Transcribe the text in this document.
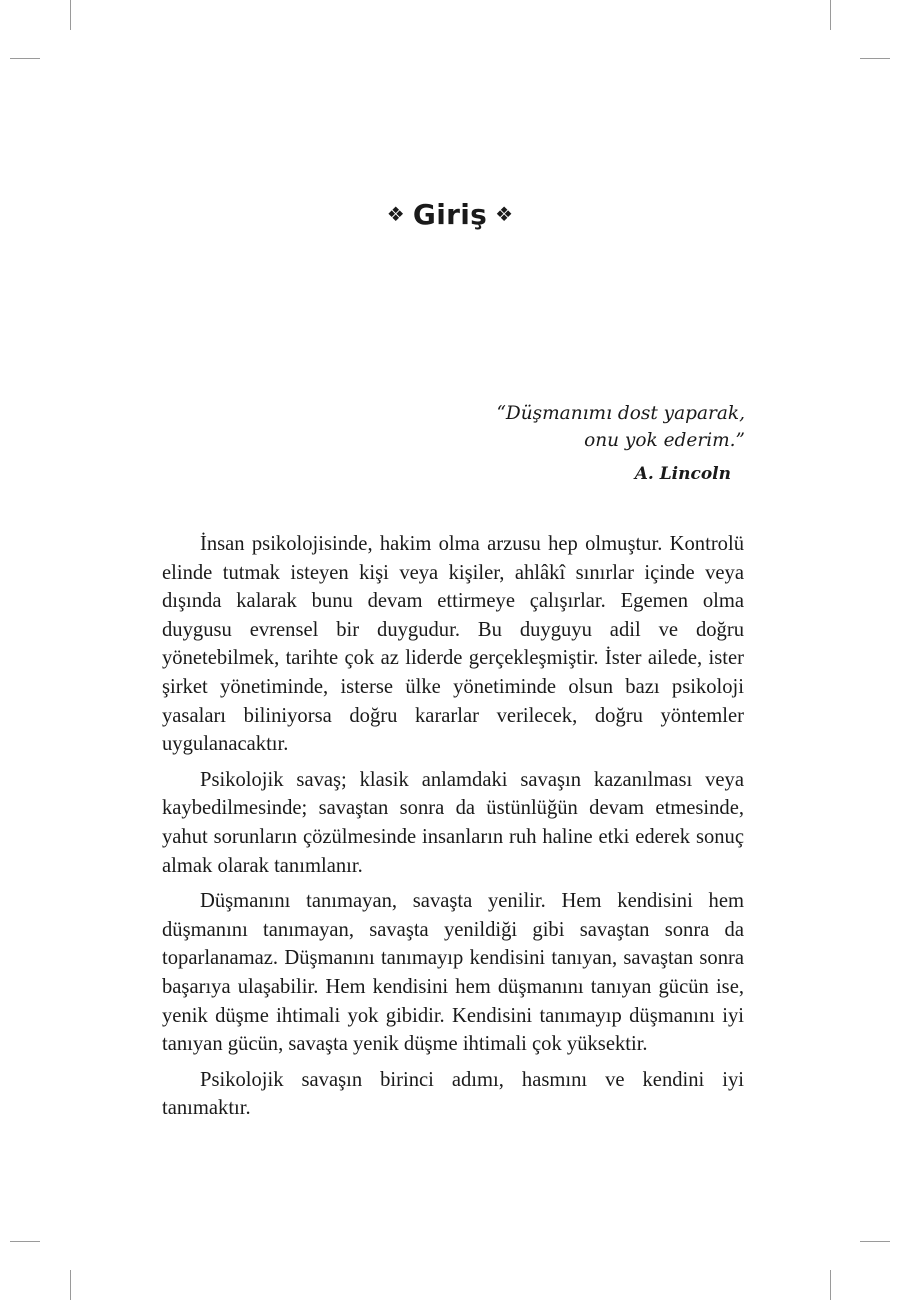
❖ Giriş ❖
“Düşmanımı dost yaparak,
onu yok ederim.”
A. Lincoln

İnsan psikolojisinde, hakim olma arzusu hep olmuştur. Kontrolü elinde tutmak isteyen kişi veya kişiler, ahlâkî sınırlar içinde veya dışında kalarak bunu devam ettirmeye çalışırlar. Egemen olma duygusu evrensel bir duygudur. Bu duyguyu adil ve doğru yönetebilmek, tarihte çok az liderde gerçekleşmiştir. İster ailede, ister şirket yönetiminde, isterse ülke yönetiminde olsun bazı psikoloji yasaları biliniyorsa doğru kararlar verilecek, doğru yöntemler uygulanacaktır.

Psikolojik savaş; klasik anlamdaki savaşın kazanılması veya kaybedilmesinde; savaştan sonra da üstünlüğün devam etmesinde, yahut sorunların çözülmesinde insanların ruh haline etki ederek sonuç almak olarak tanımlanır.

Düşmanını tanımayan, savaşta yenilir. Hem kendisini hem düşmanını tanımayan, savaşta yenildiği gibi savaştan sonra da toparlanamaz. Düşmanını tanımayıp kendisini tanıyan, savaştan sonra başarıya ulaşabilir. Hem kendisini hem düşmanını tanıyan gücün ise, yenik düşme ihtimali yok gibidir. Kendisini tanımayıp düşmanını iyi tanıyan gücün, savaşta yenik düşme ihtimali çok yüksektir.

Psikolojik savaşın birinci adımı, hasmını ve kendini iyi tanımaktır.
